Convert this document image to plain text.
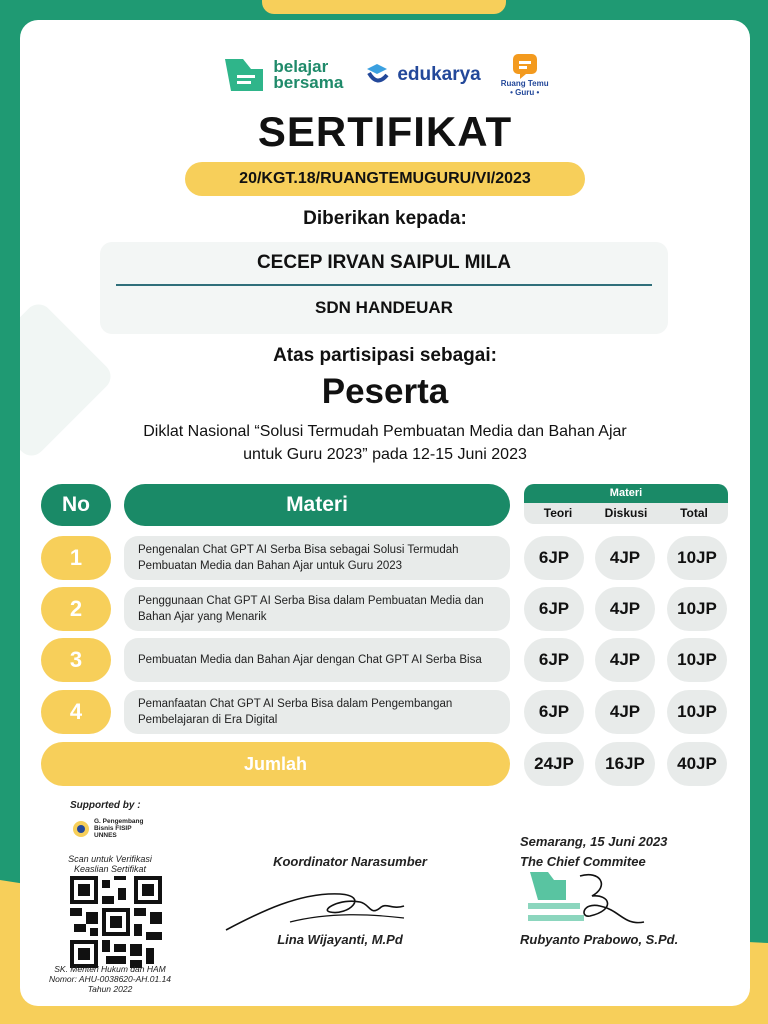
belajar
bersama	edukarya	Ruang Temu
• Guru •
SERTIFIKAT
20/KGT.18/RUANGTEMUGURU/VI/2023
Diberikan kepada:
CECEP IRVAN SAIPUL MILA
SDN HANDEUAR
Atas partisipasi sebagai:
Peserta
Diklat Nasional “Solusi Termudah Pembuatan Media dan Bahan Ajar
untuk Guru 2023” pada 12-15 Juni 2023
No	Materi	Materi
Teori	Diskusi	Total
1	Pengenalan Chat GPT AI Serba Bisa sebagai Solusi Termudah Pembuatan Media dan Bahan Ajar untuk Guru 2023	6JP	4JP	10JP
2	Penggunaan Chat GPT AI Serba Bisa dalam Pembuatan Media dan Bahan Ajar yang Menarik	6JP	4JP	10JP
3	Pembuatan Media dan Bahan Ajar dengan Chat GPT AI Serba Bisa	6JP	4JP	10JP
4	Pemanfaatan Chat GPT AI Serba Bisa dalam Pengembangan Pembelajaran di Era Digital	6JP	4JP	10JP
Jumlah	24JP	16JP	40JP
Supported by :
G. Pengembang
Bisnis FISIP
UNNES
Scan untuk Verifikasi
Keaslian Sertifikat
SK. Menteri Hukum dan HAM
Nomor: AHU-0038620-AH.01.14
Tahun 2022
Koordinator Narasumber
Lina Wijayanti, M.Pd
Semarang, 15 Juni 2023
The Chief Commitee
Rubyanto Prabowo, S.Pd.
